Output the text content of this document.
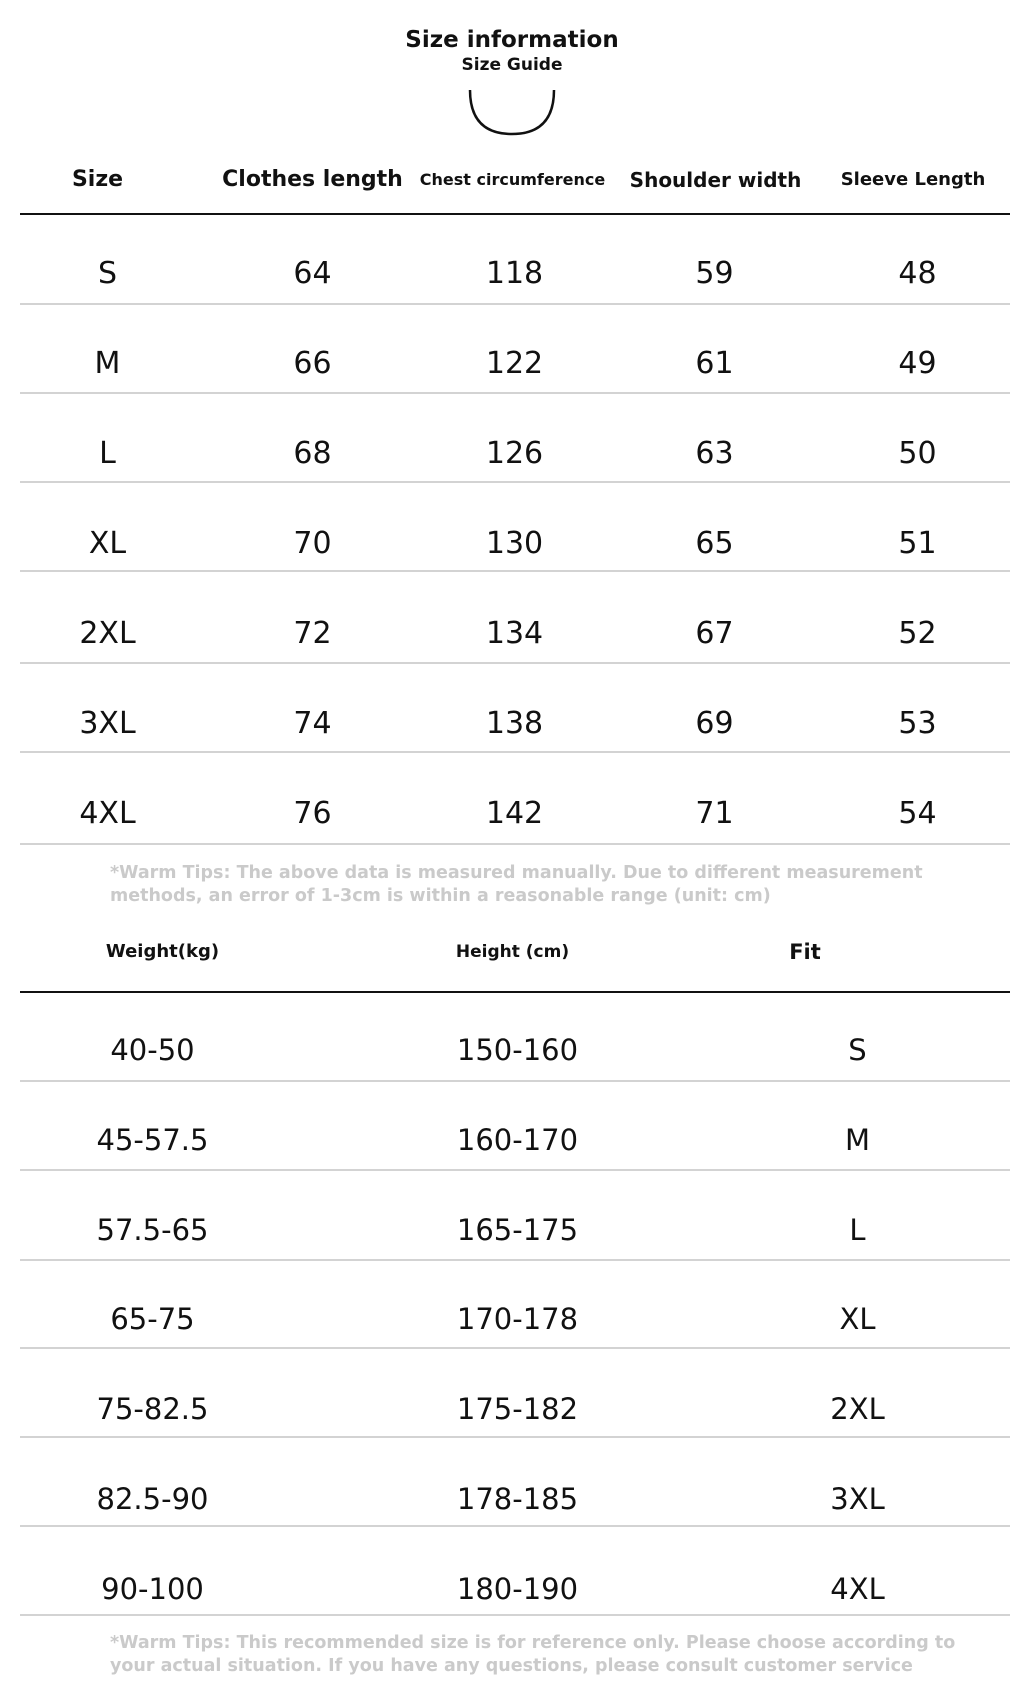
Size information
Size Guide
Size	Clothes length	Chest circumference	Shoulder width	Sleeve Length
S	64	118	59	48
M	66	122	61	49
L	68	126	63	50
XL	70	130	65	51
2XL	72	134	67	52
3XL	74	138	69	53
4XL	76	142	71	54
*Warm Tips: The above data is measured manually. Due to different measurement methods, an error of 1-3cm is within a reasonable range (unit: cm)
Weight(kg)	Height (cm)	Fit
40-50	150-160	S
45-57.5	160-170	M
57.5-65	165-175	L
65-75	170-178	XL
75-82.5	175-182	2XL
82.5-90	178-185	3XL
90-100	180-190	4XL
*Warm Tips: This recommended size is for reference only. Please choose according to your actual situation. If you have any questions, please consult customer service
